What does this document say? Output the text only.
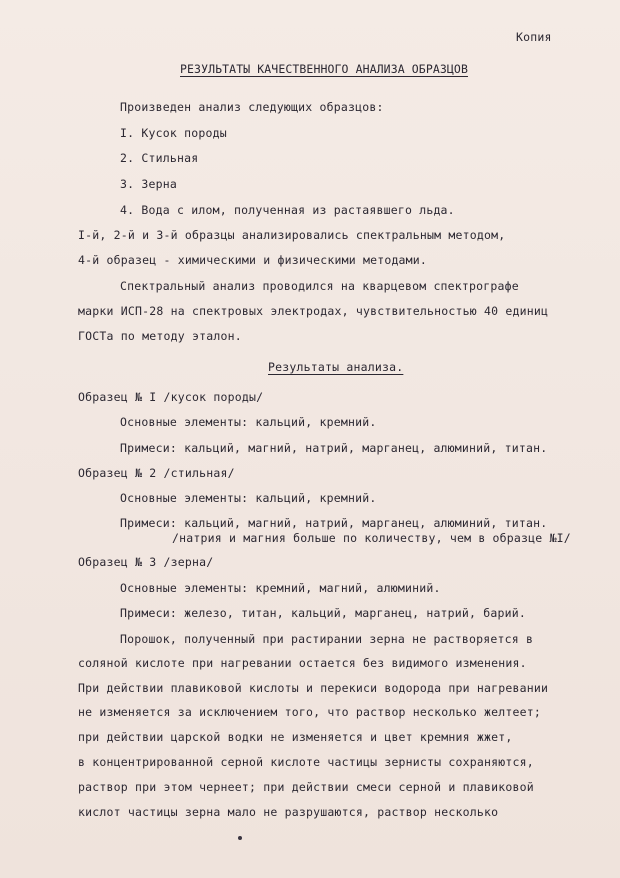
Копия
РЕЗУЛЬТАТЫ КАЧЕСТВЕННОГО АНАЛИЗА ОБРАЗЦОВ
Произведен анализ следующих образцов:
I. Кусок породы
2. Стильная
3. Зерна
4. Вода с илом, полученная из растаявшего льда.
I-й, 2-й и 3-й образцы анализировались спектральным методом,
4-й образец - химическими и физическими методами.
Спектральный анализ проводился на кварцевом спектрографе
марки ИСП-28 на спектровых электродах, чувствительностью 40 единиц
ГОСТа по методу эталон.
Результаты анализа.
Образец № I /кусок породы/
Основные элементы: кальций, кремний.
Примеси: кальций, магний, натрий, марганец, алюминий, титан.
Образец № 2 /стильная/
Основные элементы: кальций, кремний.
Примеси: кальций, магний, натрий, марганец, алюминий, титан.
/натрия и магния больше по количеству, чем в образце №I/
Образец № 3 /зерна/
Основные элементы: кремний, магний, алюминий.
Примеси: железо, титан, кальций, марганец, натрий, барий.
Порошок, полученный при растирании зерна не растворяется в
соляной кислоте при нагревании остается без видимого изменения.
При действии плавиковой кислоты и перекиси водорода при нагревании
не изменяется за исключением того, что раствор несколько желтеет;
при действии царской водки не изменяется и цвет кремния жжет,
в концентрированной серной кислоте частицы зернисты сохраняются,
раствор при этом чернеет; при действии смеси серной и плавиковой
кислот частицы зерна мало не разрушаются, раствор несколько
